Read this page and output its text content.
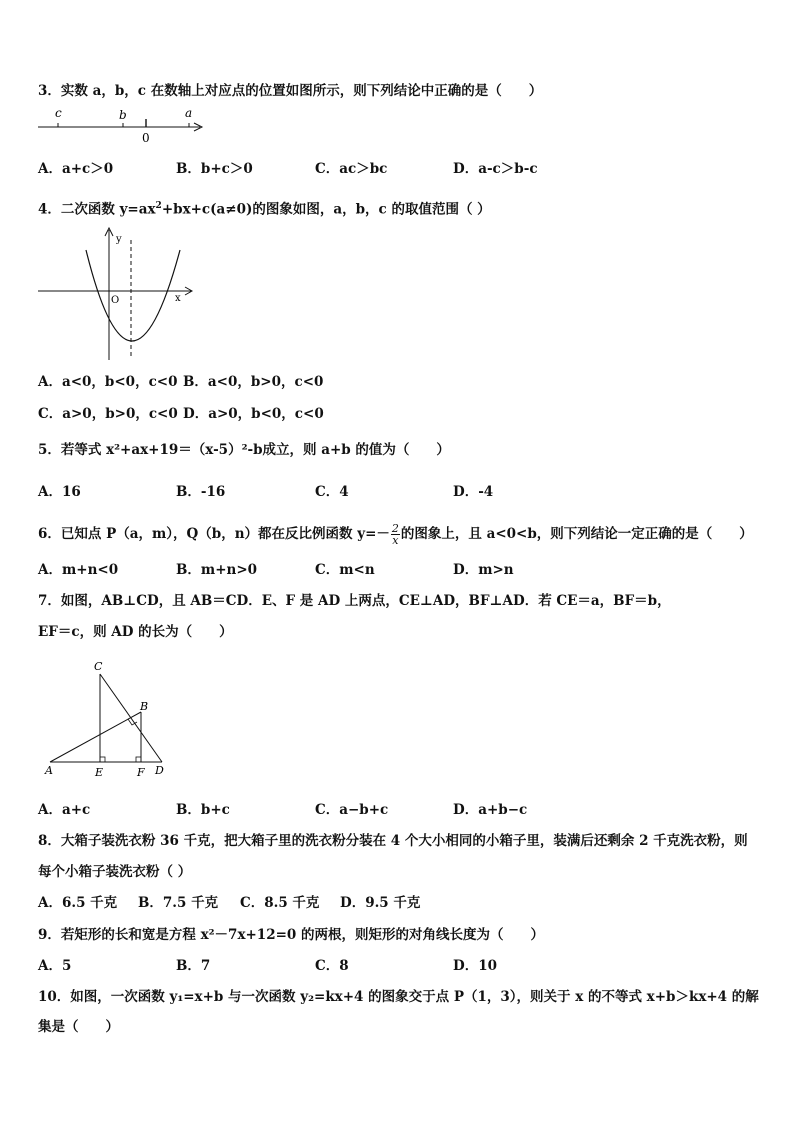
3．实数 a，b，c 在数轴上对应点的位置如图所示，则下列结论中正确的是（　　）
c	b
0
a
A．a+c＞0	B．b+c＞0	C．ac＞bc	D．a-c＞b-c
4．二次函数 $y=ax^2+bx+c(a\ne 0)$的图象如图，a，b，c 的取值范围（ ）
y
x
O
A．a<0，b<0，c<0 B．a<0，b>0，c<0
C．a>0，b>0，c<0 D．a>0，b<0，c<0
5．若等式 x²+ax+19＝（x-5）²-b成立，则 a+b 的值为（　　）
A．16	B．-16	C．4	D．-4
6．已知点 P（a，m），Q（b，n）都在反比例函数 $y=- \frac{2}{x}$ 的图象上，且 a<0<b，则下列结论一定正确的是（　　）
A．m+n<0	B．m+n>0	C．m<n	D．m>n
7．如图，AB⊥CD，且 AB＝CD．E、F 是 AD 上两点，CE⊥AD，BF⊥AD．若 CE＝a，BF＝b，
EF＝c，则 AD 的长为（　　）
C
B
A	E	F D
A．a+c	B．b+c	C．a−b+c	D．a+b−c
8．大箱子装洗衣粉 36 千克，把大箱子里的洗衣粉分装在 4 个大小相同的小箱子里，装满后还剩余 2 千克洗衣粉，则
每个小箱子装洗衣粉（ ）
A．6.5 千克 B．7.5 千克 C．8.5 千克 D．9.5 千克
9．若矩形的长和宽是方程 x²－7x+12=0 的两根，则矩形的对角线长度为（　　）
A．5	B．7	C．8	D．10
10．如图，一次函数 y₁=x+b 与一次函数 y₂=kx+4 的图象交于点 P（1，3），则关于 x 的不等式 x+b＞kx+4 的解
集是（　　）
